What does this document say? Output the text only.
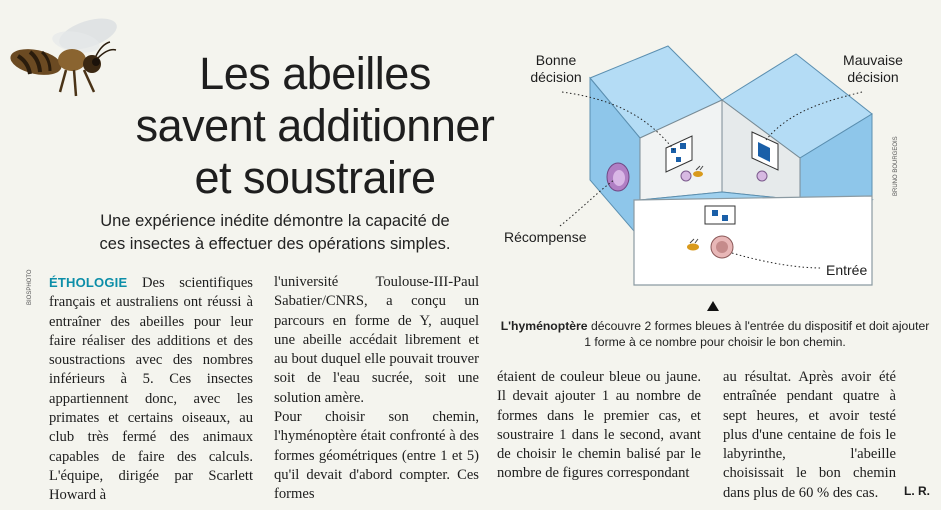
Les abeilles
savent additionner
et soustraire
Une expérience inédite démontre la capacité de
ces insectes à effectuer des opérations simples.
BIOSPHOTO
BRUNO BOURGEOIS
Bonne
décision
Mauvaise
décision
Récompense
Entrée
L'hyménoptère découvre 2 formes bleues à l'entrée du dispositif et doit ajouter 1 forme à ce nombre pour choisir le bon chemin.

ÉTHOLOGIE Des scientifiques français et australiens ont réussi à entraîner des abeilles pour leur faire réaliser des additions et des soustractions avec des nombres inférieurs à 5. Ces insectes appartiennent donc, avec les primates et certains oiseaux, au club très fermé des animaux capables de faire des calculs. L'équipe, dirigée par Scarlett Howard à

l'université Toulouse-III-Paul Sabatier/CNRS, a conçu un parcours en forme de Y, auquel une abeille accédait librement et au bout duquel elle pouvait trouver soit de l'eau sucrée, soit une solution amère.

Pour choisir son chemin, l'hyménoptère était confronté à des formes géométriques (entre 1 et 5) qu'il devait d'abord compter. Ces formes

étaient de couleur bleue ou jaune. Il devait ajouter 1 au nombre de formes dans le premier cas, et soustraire 1 dans le second, avant de choisir le chemin balisé par le nombre de figures correspondant

au résultat. Après avoir été entraînée pendant quatre à sept heures, et avoir testé plus d'une centaine de fois le labyrinthe, l'abeille choisissait le bon chemin dans plus de 60 % des cas.	L. R.
